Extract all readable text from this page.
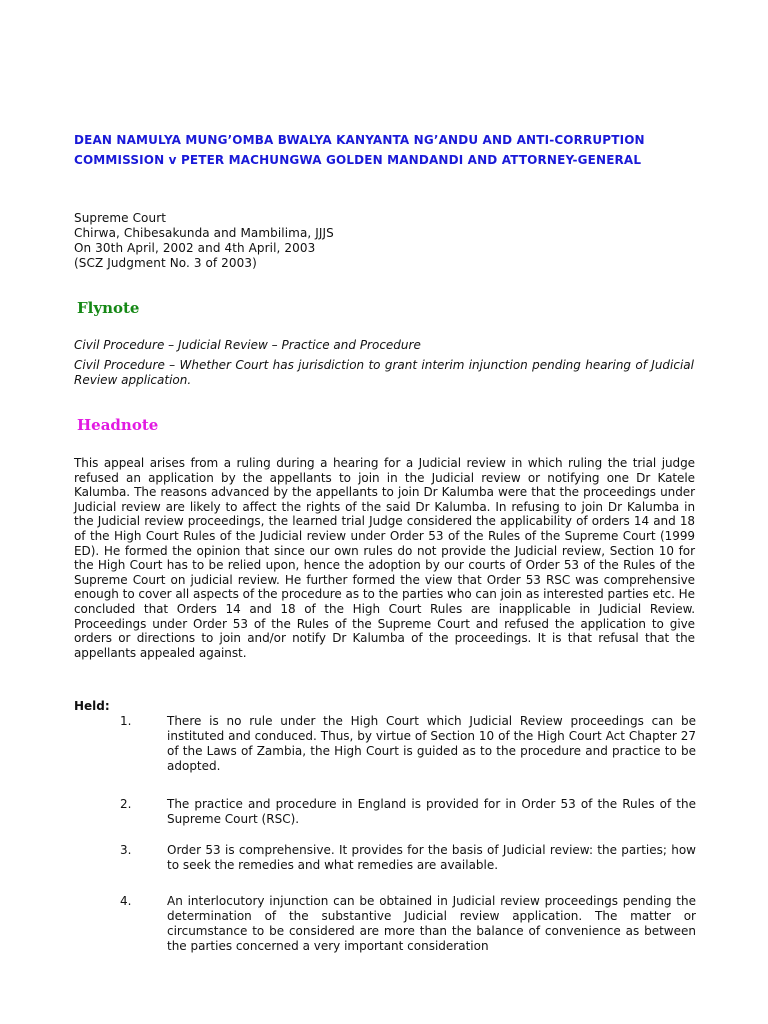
DEAN NAMULYA MUNG’OMBA BWALYA KANYANTA NG’ANDU AND ANTI-CORRUPTION COMMISSION v PETER MACHUNGWA GOLDEN MANDANDI AND ATTORNEY-GENERAL
Supreme Court
Chirwa, Chibesakunda and Mambilima, JJJS
On 30th April, 2002 and 4th April, 2003
(SCZ Judgment No. 3 of 2003)
Flynote

Civil Procedure – Judicial Review – Practice and Procedure

Civil Procedure – Whether Court has jurisdiction to grant interim injunction pending hearing of Judicial Review application.

Headnote
This appeal arises from a ruling during a hearing for a Judicial review in which ruling the trial judge refused an application by the appellants to join in the Judicial review or notifying one Dr Katele Kalumba. The reasons advanced by the appellants to join Dr Kalumba were that the proceedings under Judicial review are likely to affect the rights of the said Dr Kalumba. In refusing to join Dr Kalumba in the Judicial review proceedings, the learned trial Judge considered the applicability of orders 14 and 18 of the High Court Rules of the Judicial review under Order 53 of the Rules of the Supreme Court (1999 ED). He formed the opinion that since our own rules do not provide the Judicial review, Section 10 for the High Court has to be relied upon, hence the adoption by our courts of Order 53 of the Rules of the Supreme Court on judicial review. He further formed the view that Order 53 RSC was comprehensive enough to cover all aspects of the procedure as to the parties who can join as interested parties etc. He concluded that Orders 14 and 18 of the High Court Rules are inapplicable in Judicial Review. Proceedings under Order 53 of the Rules of the Supreme Court and refused the application to give orders or directions to join and/or notify Dr Kalumba of the proceedings. It is that refusal that the appellants appealed against.
Held:
1.	There is no rule under the High Court which Judicial Review proceedings can be instituted and conduced. Thus, by virtue of Section 10 of the High Court Act Chapter 27 of the Laws of Zambia, the High Court is guided as to the procedure and practice to be adopted.
2.	The practice and procedure in England is provided for in Order 53 of the Rules of the Supreme Court (RSC).
3.	Order 53 is comprehensive. It provides for the basis of Judicial review: the parties; how to seek the remedies and what remedies are available.
4.	An interlocutory injunction can be obtained in Judicial review proceedings pending the determination of the substantive Judicial review application. The matter or circumstance to be considered are more than the balance of convenience as between the parties concerned a very important consideration
